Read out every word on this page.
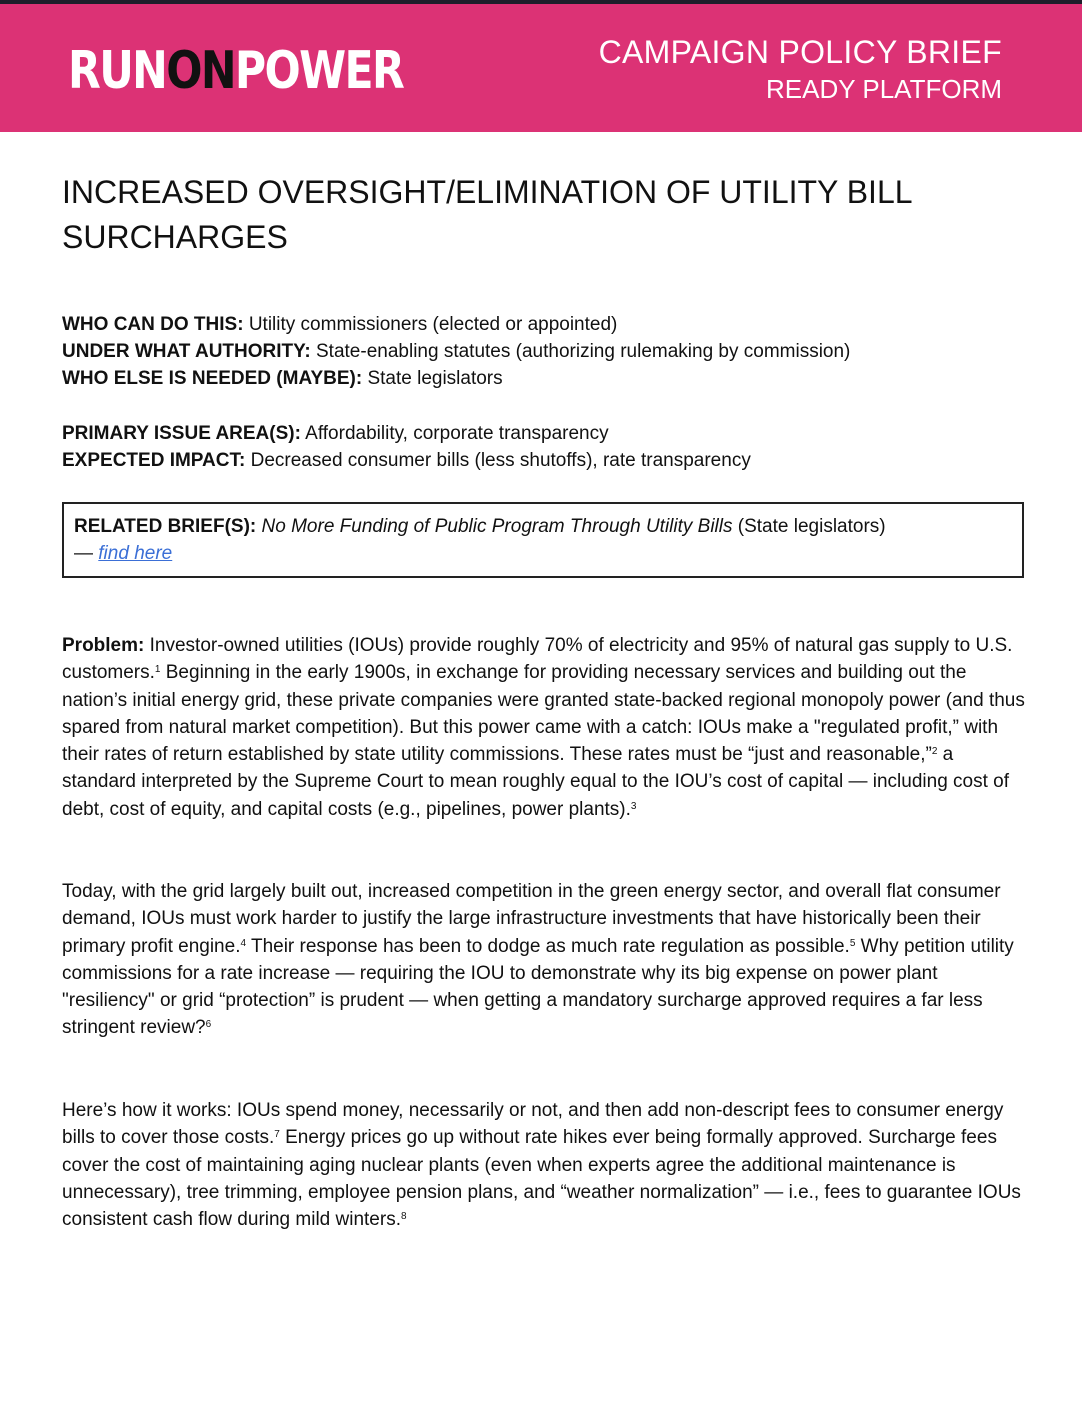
RUNONPOWER	CAMPAIGN POLICY BRIEF
READY PLATFORM
INCREASED OVERSIGHT/ELIMINATION OF UTILITY BILL SURCHARGES
WHO CAN DO THIS: Utility commissioners (elected or appointed)
UNDER WHAT AUTHORITY: State-enabling statutes (authorizing rulemaking by commission)
WHO ELSE IS NEEDED (MAYBE): State legislators
PRIMARY ISSUE AREA(S): Affordability, corporate transparency
EXPECTED IMPACT: Decreased consumer bills (less shutoffs), rate transparency
RELATED BRIEF(S): No More Funding of Public Program Through Utility Bills (State legislators)
— find here

Problem: Investor-owned utilities (IOUs) provide roughly 70% of electricity and 95% of natural gas supply to U.S. customers.$^1$ Beginning in the early 1900s, in exchange for providing necessary services and building out the nation’s initial energy grid, these private companies were granted state-backed regional monopoly power (and thus spared from natural market competition). But this power came with a catch: IOUs make a "regulated profit,” with their rates of return established by state utility commissions. These rates must be “just and reasonable,”$^2$ a standard interpreted by the Supreme Court to mean roughly equal to the IOU’s cost of capital — including cost of debt, cost of equity, and capital costs (e.g., pipelines, power plants).$^3$

Today, with the grid largely built out, increased competition in the green energy sector, and overall flat consumer demand, IOUs must work harder to justify the large infrastructure investments that have historically been their primary profit engine.$^4$ Their response has been to dodge as much rate regulation as possible.$^5$ Why petition utility commissions for a rate increase — requiring the IOU to demonstrate why its big expense on power plant "resiliency" or grid “protection” is prudent — when getting a mandatory surcharge approved requires a far less stringent review?$^6$

Here’s how it works: IOUs spend money, necessarily or not, and then add non-descript fees to consumer energy bills to cover those costs.$^7$ Energy prices go up without rate hikes ever being formally approved. Surcharge fees cover the cost of maintaining aging nuclear plants (even when experts agree the additional maintenance is unnecessary), tree trimming, employee pension plans, and “weather normalization” — i.e., fees to guarantee IOUs consistent cash flow during mild winters.$^8$
